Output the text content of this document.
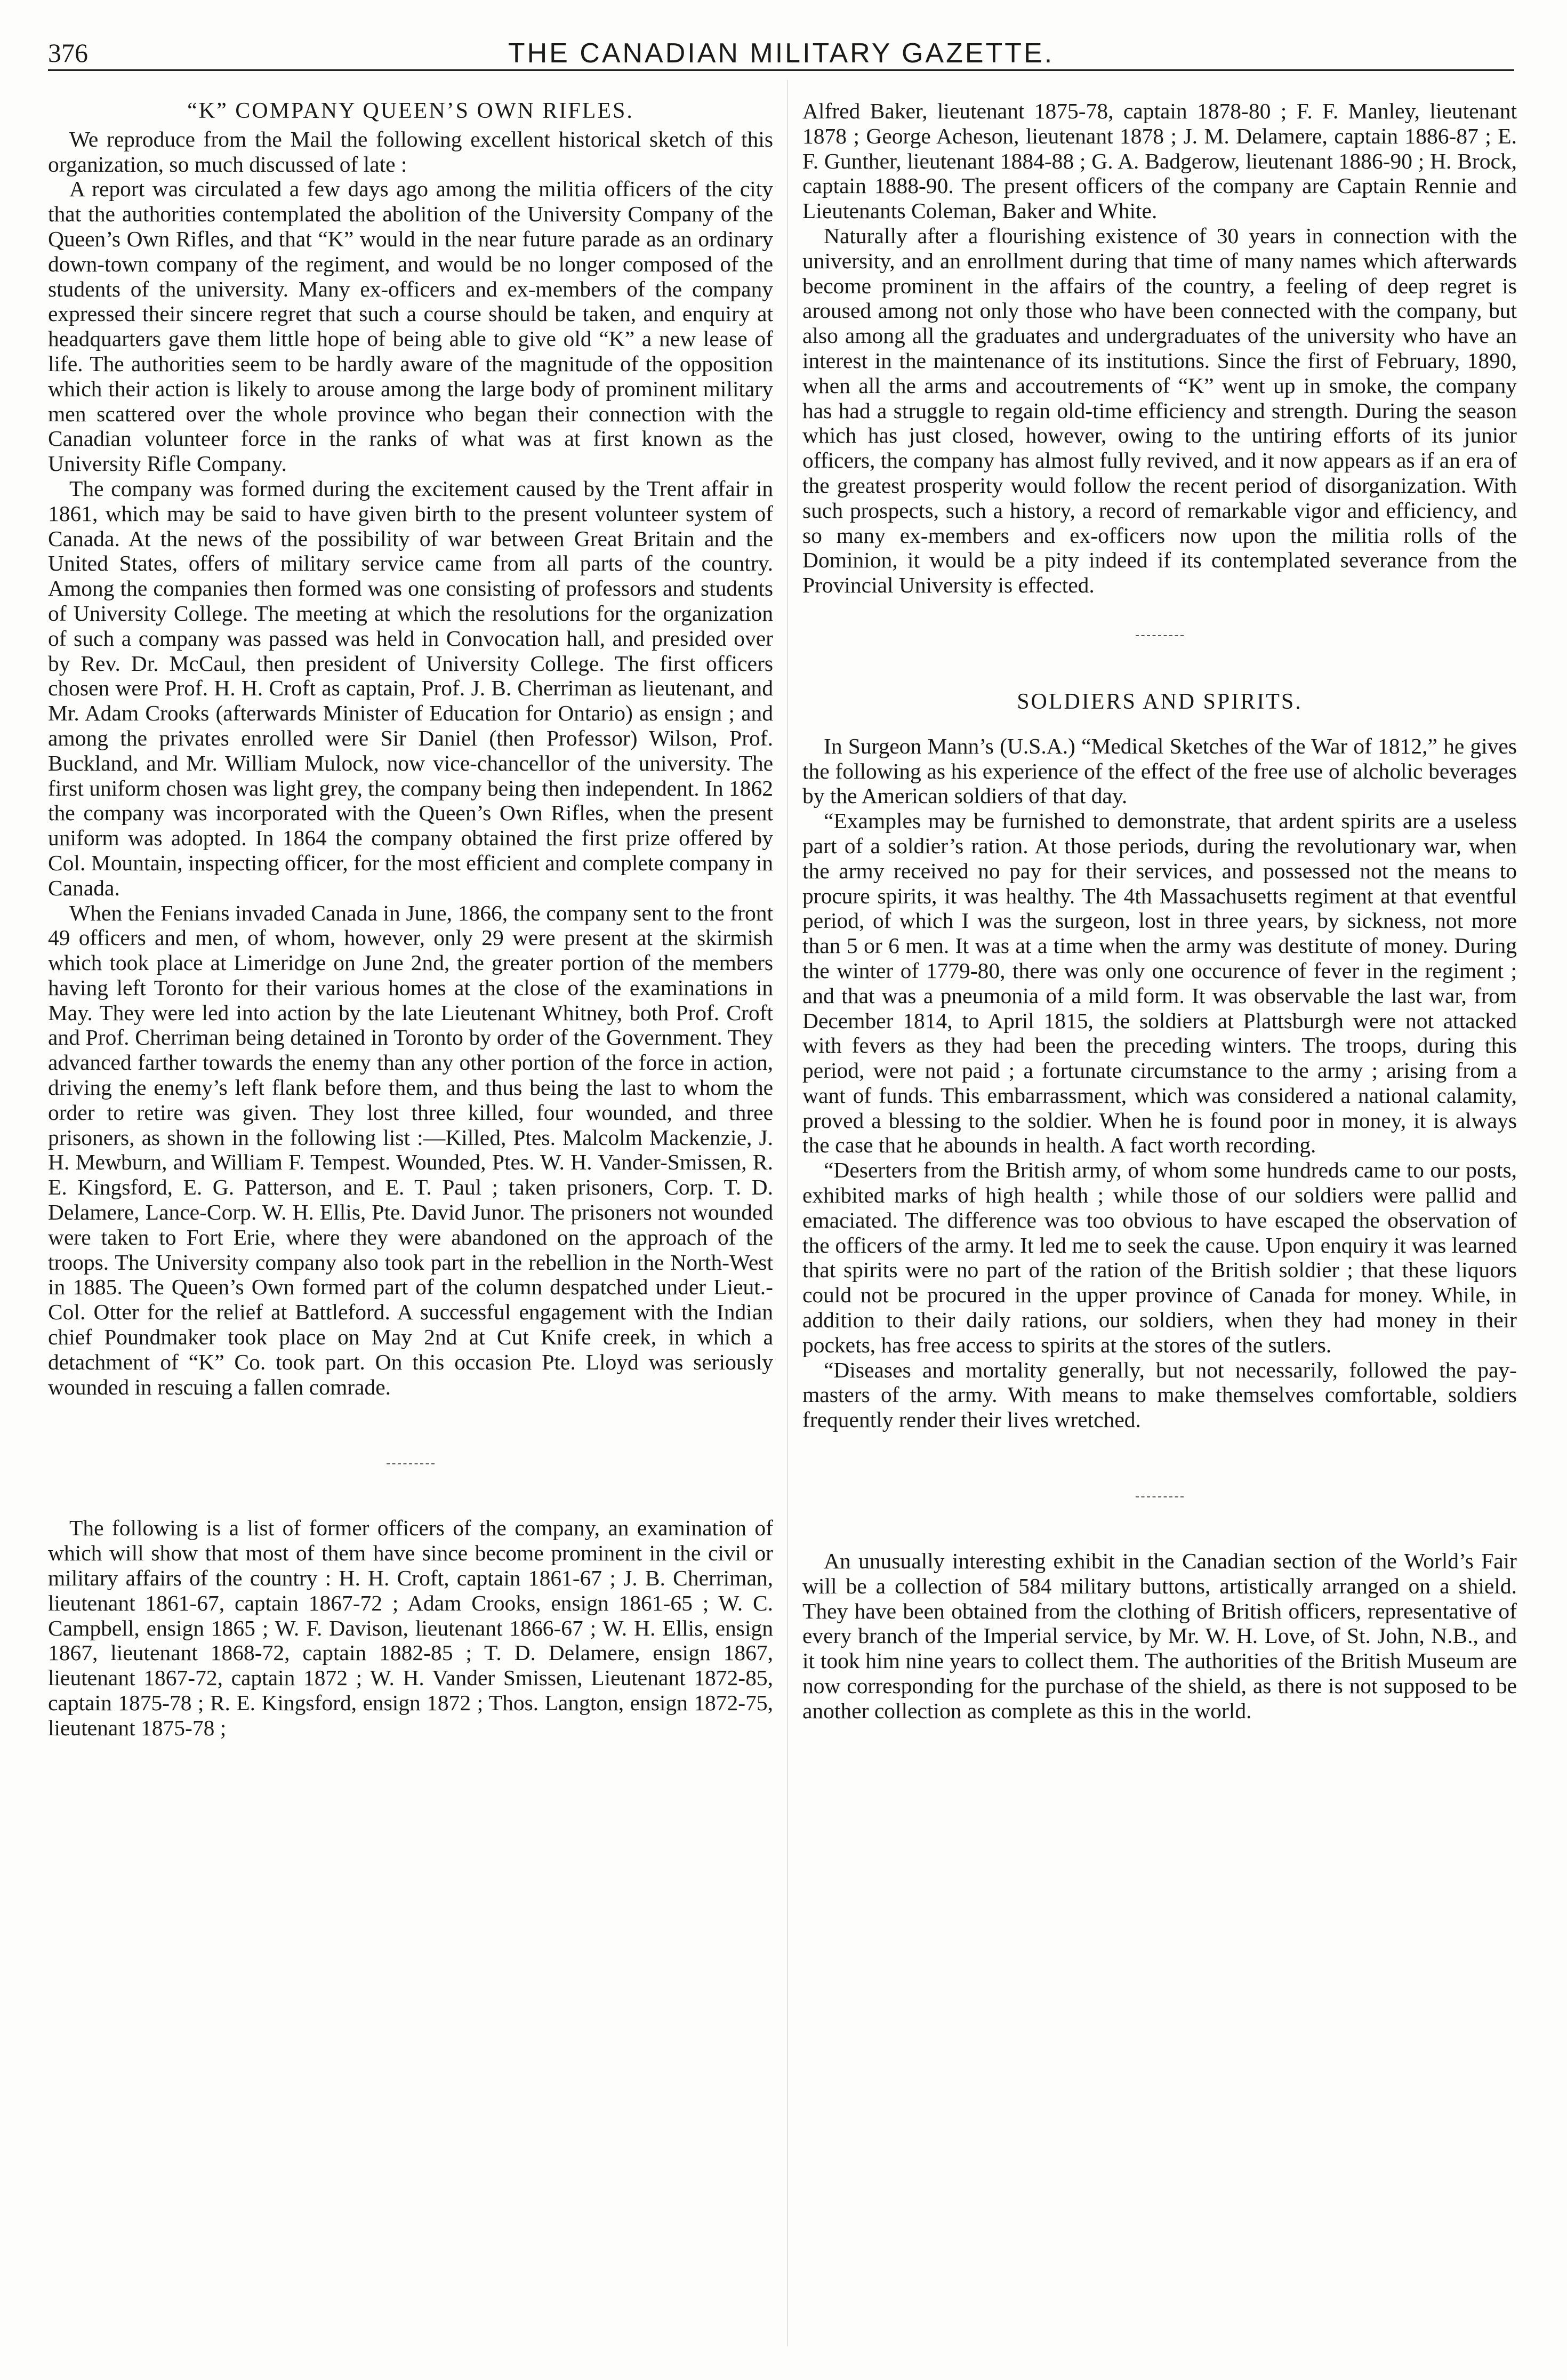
376	THE CANADIAN MILITARY GAZETTE.
“K” COMPANY QUEEN’S OWN RIFLES.

We reproduce from the Mail the following excellent historical sketch of this organization, so much discussed of late :

A report was circulated a few days ago among the militia officers of the city that the authorities contemplated the abolition of the University Company of the Queen’s Own Rifles, and that “K” would in the near future parade as an ordinary down-town company of the regiment, and would be no longer composed of the students of the university. Many ex-officers and ex-members of the company expressed their sincere regret that such a course should be taken, and enquiry at headquarters gave them little hope of being able to give old “K” a new lease of life. The authorities seem to be hardly aware of the magnitude of the opposition which their action is likely to arouse among the large body of prominent military men scattered over the whole province who began their connection with the Canadian volunteer force in the ranks of what was at first known as the University Rifle Company.

The company was formed during the excitement caused by the Trent affair in 1861, which may be said to have given birth to the present volunteer system of Canada. At the news of the possibility of war between Great Britain and the United States, offers of military service came from all parts of the country. Among the companies then formed was one consisting of professors and students of University College. The meeting at which the resolutions for the organization of such a company was passed was held in Convocation hall, and presided over by Rev. Dr. McCaul, then president of University College. The first officers chosen were Prof. H. H. Croft as captain, Prof. J. B. Cherriman as lieutenant, and Mr. Adam Crooks (afterwards Minister of Education for Ontario) as ensign ; and among the privates enrolled were Sir Daniel (then Professor) Wilson, Prof. Buckland, and Mr. William Mulock, now vice-chancellor of the university. The first uniform chosen was light grey, the company being then independent. In 1862 the company was incorporated with the Queen’s Own Rifles, when the present uniform was adopted. In 1864 the company obtained the first prize offered by Col. Mountain, inspecting officer, for the most efficient and complete company in Canada.

When the Fenians invaded Canada in June, 1866, the company sent to the front 49 officers and men, of whom, however, only 29 were present at the skirmish which took place at Limeridge on June 2nd, the greater portion of the members having left Toronto for their various homes at the close of the examinations in May. They were led into action by the late Lieutenant Whitney, both Prof. Croft and Prof. Cherriman being detained in Toronto by order of the Government. They advanced farther towards the enemy than any other portion of the force in action, driving the enemy’s left flank before them, and thus being the last to whom the order to retire was given. They lost three killed, four wounded, and three prisoners, as shown in the following list :—Killed, Ptes. Malcolm Mackenzie, J. H. Mewburn, and William F. Tempest. Wounded, Ptes. W. H. Vander-Smissen, R. E. Kingsford, E. G. Patterson, and E. T. Paul ; taken prisoners, Corp. T. D. Delamere, Lance-Corp. W. H. Ellis, Pte. David Junor. The prisoners not wounded were taken to Fort Erie, where they were abandoned on the approach of the troops. The University company also took part in the rebellion in the North-West in 1885. The Queen’s Own formed part of the column despatched under Lieut.-Col. Otter for the relief at Battleford. A successful engagement with the Indian chief Poundmaker took place on May 2nd at Cut Knife creek, in which a detachment of “K” Co. took part. On this occasion Pte. Lloyd was seriously wounded in rescuing a fallen comrade.

The following is a list of former officers of the company, an examination of which will show that most of them have since become prominent in the civil or military affairs of the country : H. H. Croft, captain 1861-67 ; J. B. Cherriman, lieutenant 1861-67, captain 1867-72 ; Adam Crooks, ensign 1861-65 ; W. C. Campbell, ensign 1865 ; W. F. Davison, lieutenant 1866-67 ; W. H. Ellis, ensign 1867, lieutenant 1868-72, captain 1882-85 ; T. D. Delamere, ensign 1867, lieutenant 1867-72, captain 1872 ; W. H. Vander Smissen, Lieutenant 1872-85, captain 1875-78 ; R. E. Kingsford, ensign 1872 ; Thos. Langton, ensign 1872-75, lieutenant 1875-78 ;

Alfred Baker, lieutenant 1875-78, captain 1878-80 ; F. F. Manley, lieutenant 1878 ; George Acheson, lieutenant 1878 ; J. M. Delamere, captain 1886-87 ; E. F. Gunther, lieutenant 1884-88 ; G. A. Badgerow, lieutenant 1886-90 ; H. Brock, captain 1888-90. The present officers of the company are Captain Rennie and Lieutenants Coleman, Baker and White.

Naturally after a flourishing existence of 30 years in connection with the university, and an enrollment during that time of many names which afterwards become prominent in the affairs of the country, a feeling of deep regret is aroused among not only those who have been connected with the company, but also among all the graduates and undergraduates of the university who have an interest in the maintenance of its institutions. Since the first of February, 1890, when all the arms and accoutrements of “K” went up in smoke, the company has had a struggle to regain old-time efficiency and strength. During the season which has just closed, however, owing to the untiring efforts of its junior officers, the company has almost fully revived, and it now appears as if an era of the greatest prosperity would follow the recent period of disorganization. With such prospects, such a history, a record of remarkable vigor and efficiency, and so many ex-members and ex-officers now upon the militia rolls of the Dominion, it would be a pity indeed if its contemplated severance from the Provincial University is effected.

SOLDIERS AND SPIRITS.

In Surgeon Mann’s (U.S.A.) “Medical Sketches of the War of 1812,” he gives the following as his experience of the effect of the free use of alcholic beverages by the American soldiers of that day.

“Examples may be furnished to demonstrate, that ardent spirits are a useless part of a soldier’s ration. At those periods, during the revolutionary war, when the army received no pay for their services, and possessed not the means to procure spirits, it was healthy. The 4th Massachusetts regiment at that eventful period, of which I was the surgeon, lost in three years, by sickness, not more than 5 or 6 men. It was at a time when the army was destitute of money. During the winter of 1779-80, there was only one occurence of fever in the regiment ; and that was a pneumonia of a mild form. It was observable the last war, from December 1814, to April 1815, the soldiers at Plattsburgh were not attacked with fevers as they had been the preceding winters. The troops, during this period, were not paid ; a fortunate circumstance to the army ; arising from a want of funds. This embarrassment, which was considered a national calamity, proved a blessing to the soldier. When he is found poor in money, it is always the case that he abounds in health. A fact worth recording.

“Deserters from the British army, of whom some hundreds came to our posts, exhibited marks of high health ; while those of our soldiers were pallid and emaciated. The difference was too obvious to have escaped the observation of the officers of the army. It led me to seek the cause. Upon enquiry it was learned that spirits were no part of the ration of the British soldier ; that these liquors could not be procured in the upper province of Canada for money. While, in addition to their daily rations, our soldiers, when they had money in their pockets, has free access to spirits at the stores of the sutlers.

“Diseases and mortality generally, but not necessarily, followed the pay-masters of the army. With means to make themselves comfortable, soldiers frequently render their lives wretched.

An unusually interesting exhibit in the Canadian section of the World’s Fair will be a collection of 584 military buttons, artistically arranged on a shield. They have been obtained from the clothing of British officers, representative of every branch of the Imperial service, by Mr. W. H. Love, of St. John, N.B., and it took him nine years to collect them. The authorities of the British Museum are now corresponding for the purchase of the shield, as there is not supposed to be another collection as complete as this in the world.
